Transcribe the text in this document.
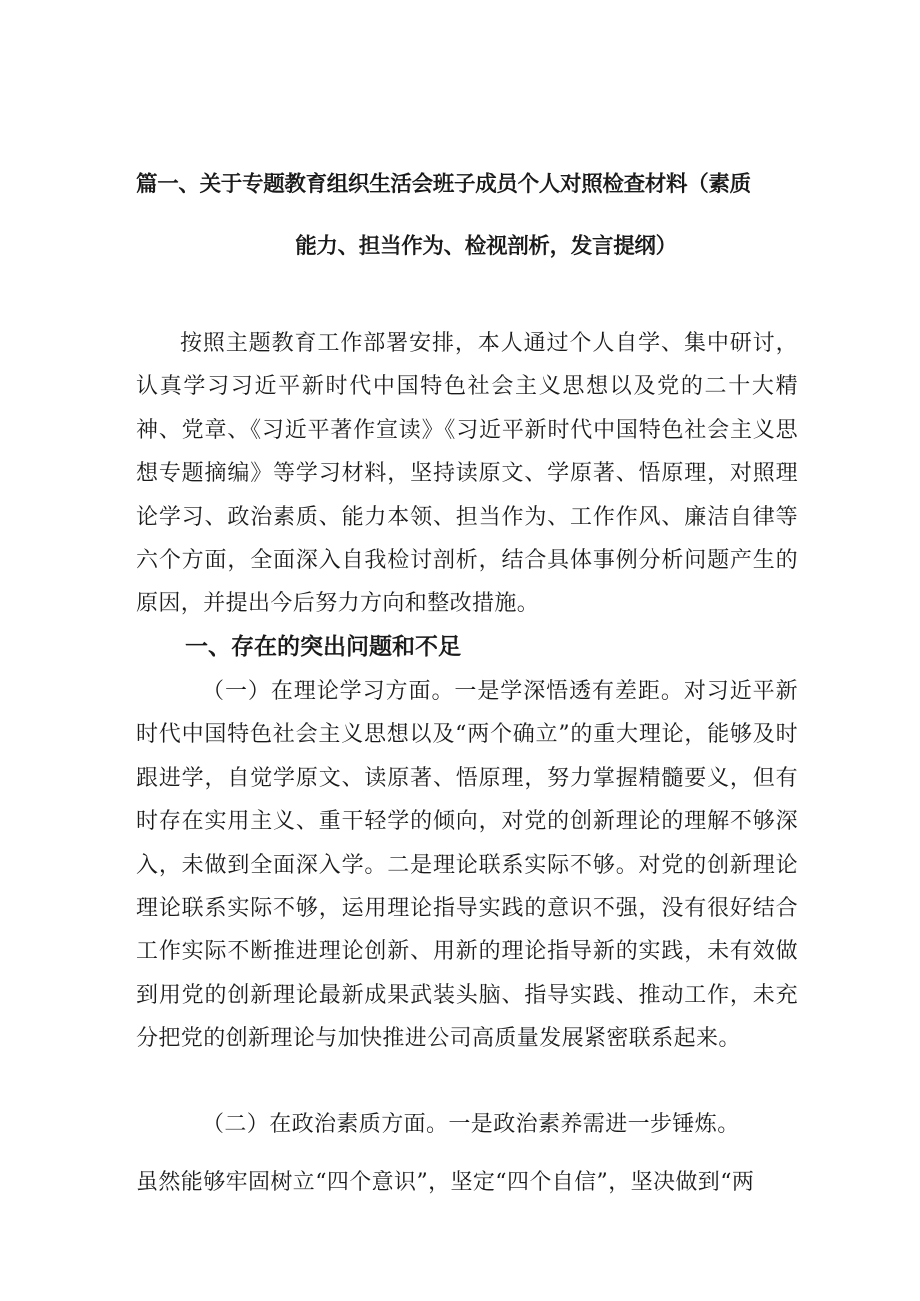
篇一、关于专题教育组织生活会班子成员个人对照检查材料（素质
能力、担当作为、检视剖析，发言提纲）

按照主题教育工作部署安排，本人通过个人自学、集中研讨，认真学习习近平新时代中国特色社会主义思想以及党的二十大精神、党章、《习近平著作宣读》《习近平新时代中国特色社会主义思想专题摘编》等学习材料，坚持读原文、学原著、悟原理，对照理论学习、政治素质、能力本领、担当作为、工作作风、廉洁自律等六个方面，全面深入自我检讨剖析，结合具体事例分析问题产生的原因，并提出今后努力方向和整改措施。

一、存在的突出问题和不足

（一）在理论学习方面。一是学深悟透有差距。对习近平新时代中国特色社会主义思想以及“两个确立”的重大理论，能够及时跟进学，自觉学原文、读原著、悟原理，努力掌握精髓要义，但有时存在实用主义、重干轻学的倾向，对党的创新理论的理解不够深入，未做到全面深入学。二是理论联系实际不够。对党的创新理论理论联系实际不够，运用理论指导实践的意识不强，没有很好结合工作实际不断推进理论创新、用新的理论指导新的实践，未有效做到用党的创新理论最新成果武装头脑、指导实践、推动工作，未充分把党的创新理论与加快推进公司高质量发展紧密联系起来。

（二）在政治素质方面。一是政治素养需进一步锤炼。

虽然能够牢固树立“四个意识”，坚定“四个自信”，坚决做到“两
